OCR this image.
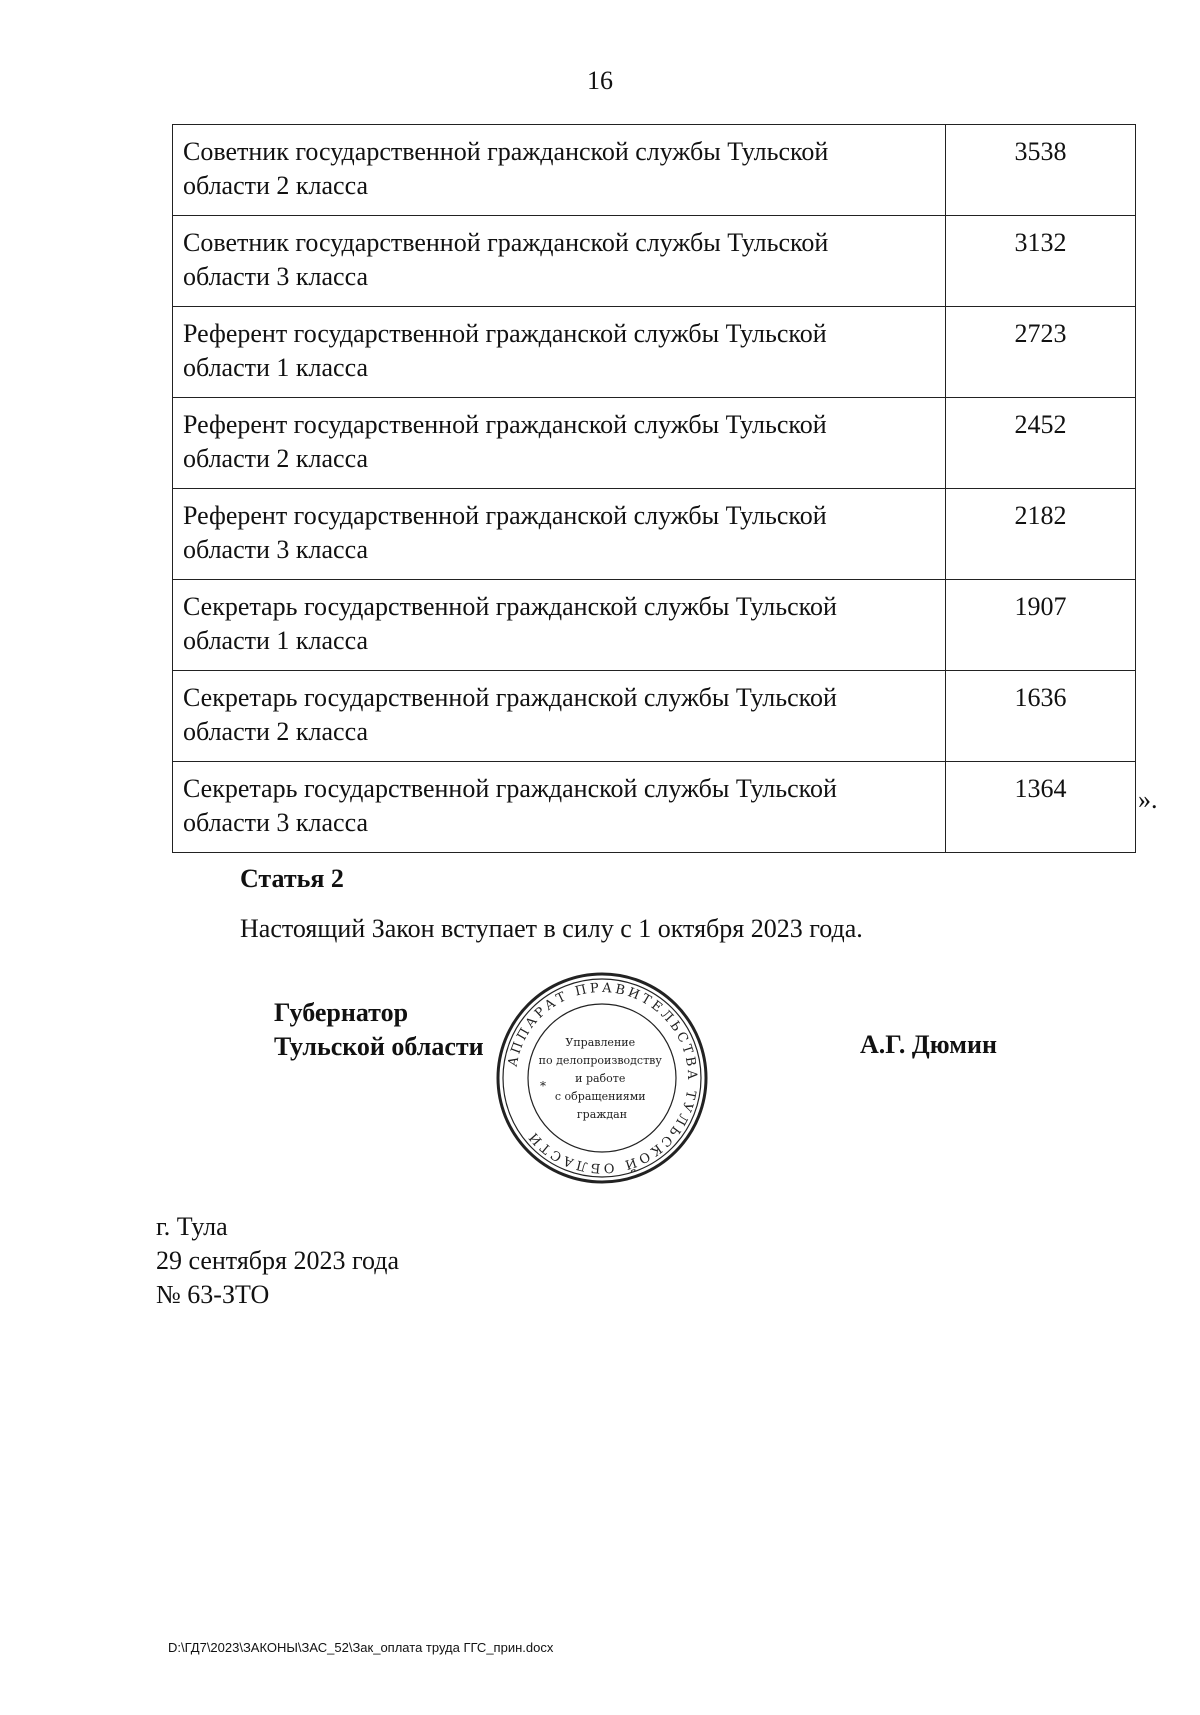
16
Советник государственной гражданской службы Тульской
области 2 класса	3538

Советник государственной гражданской службы Тульской
области 3 класса	3132

Референт государственной гражданской службы Тульской
области 1 класса	2723

Референт государственной гражданской службы Тульской
области 2 класса	2452

Референт государственной гражданской службы Тульской
области 3 класса	2182

Секретарь государственной гражданской службы Тульской
области 1 класса	1907

Секретарь государственной гражданской службы Тульской
области 2 класса	1636

Секретарь государственной гражданской службы Тульской
области 3 класса	1364	».
Статья 2
Настоящий Закон вступает в силу с 1 октября 2023 года.
Губернатор
Тульской области	А.Г. Дюмин
АППАРАТ ПРАВИТЕЛЬСТВА ТУЛЬСКОЙ ОБЛАСТИ
*
Управление по делопроизводству и работе с обращениями граждан
г. Тула
29 сентября 2023 года
№ 63-ЗТО
D:\ГД7\2023\ЗАКОНЫ\ЗАС_52\Зак_оплата труда ГГС_прин.docx
